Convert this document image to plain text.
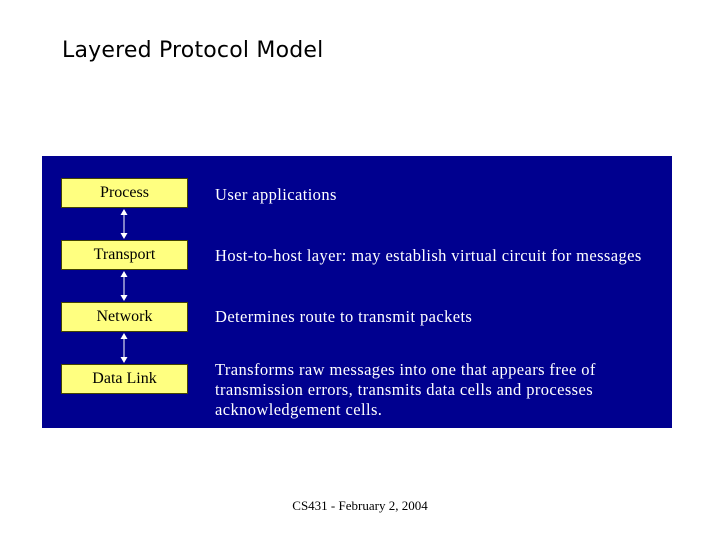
Layered Protocol Model
Process	User applications
Transport	Host-to-host layer: may establish virtual circuit for messages
Network	Determines route to transmit packets
Data Link	Transforms raw messages into one that appears free of transmission errors, transmits data cells and processes acknowledgement cells.
CS431 - February 2, 2004
